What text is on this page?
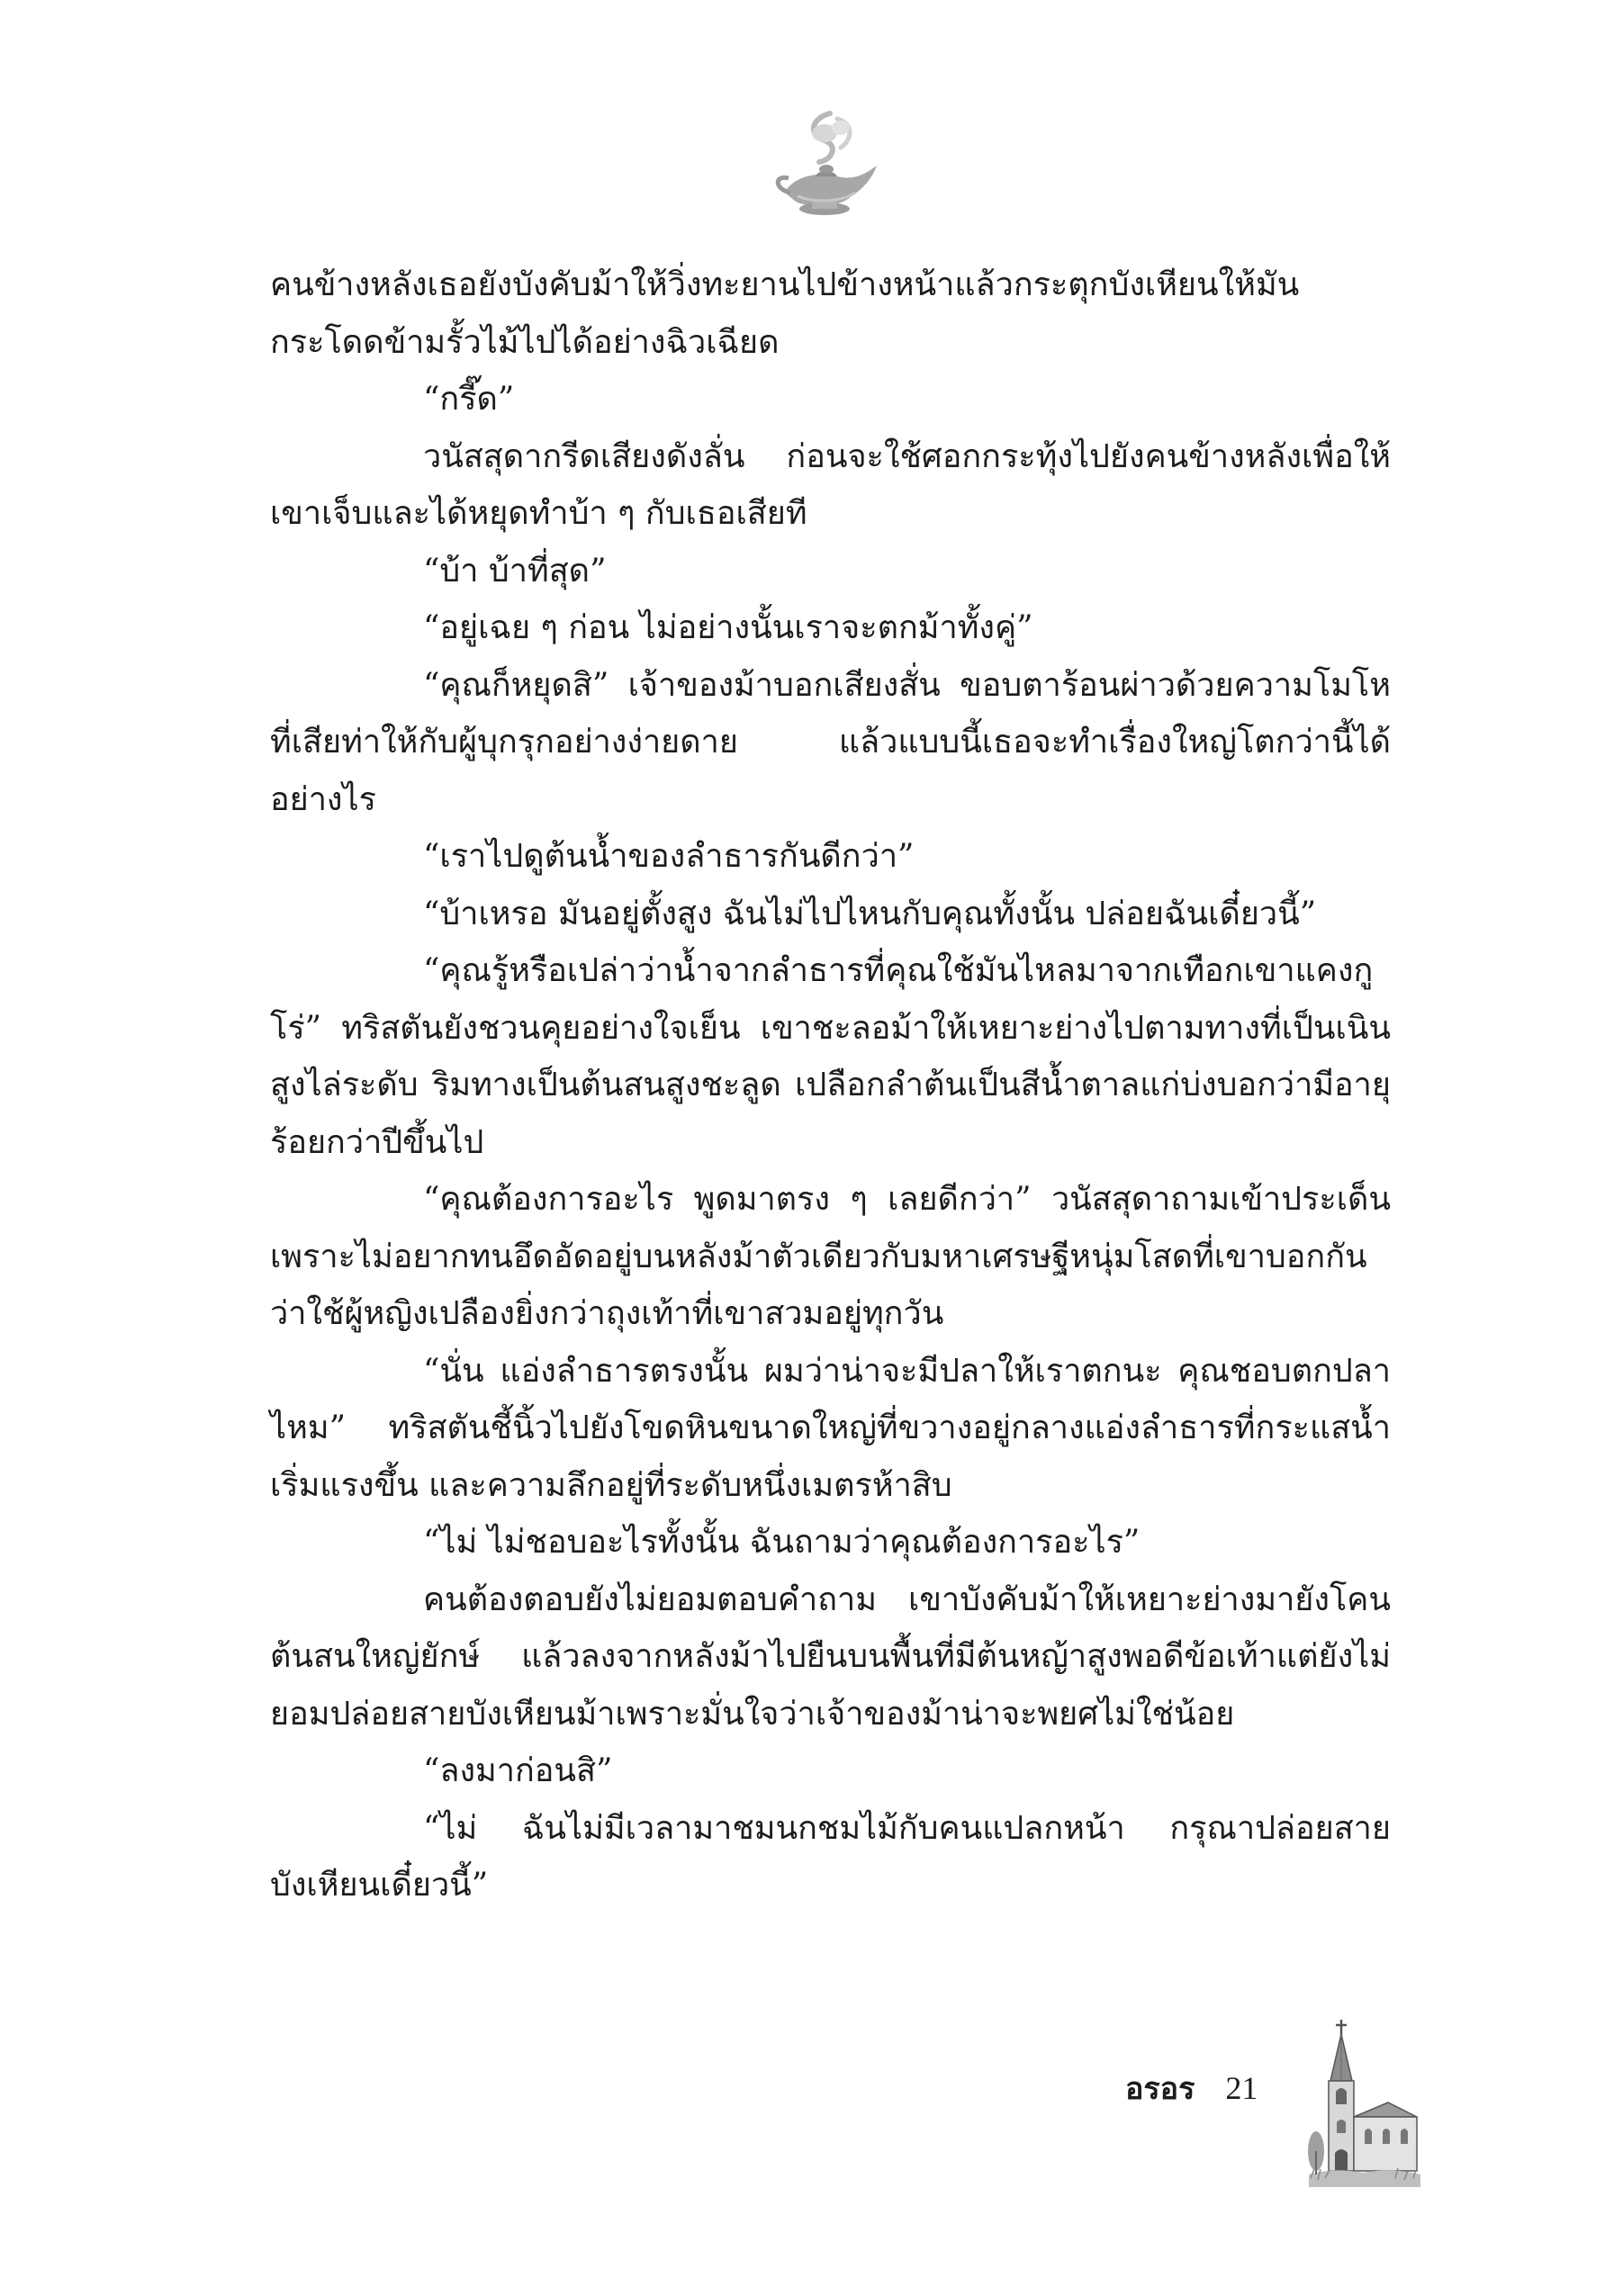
คนข้างหลังเธอยังบังคับม้าให้วิ่งทะยานไปข้างหน้าแล้วกระตุกบังเหียนให้มันกระโดดข้ามรั้วไม้ไปได้อย่างฉิวเฉียด

“กรี๊ด”

วนัสสุดากรีดเสียงดังลั่น ก่อนจะใช้ศอกกระทุ้งไปยังคนข้างหลังเพื่อให้เขาเจ็บและได้หยุดทำบ้า ๆ กับเธอเสียที

“บ้า บ้าที่สุด”

“อยู่เฉย ๆ ก่อน ไม่อย่างนั้นเราจะตกม้าทั้งคู่”

“คุณก็หยุดสิ” เจ้าของม้าบอกเสียงสั่น ขอบตาร้อนผ่าวด้วยความโมโหที่เสียท่าให้กับผู้บุกรุกอย่างง่ายดาย แล้วแบบนี้เธอจะทำเรื่องใหญ่โตกว่านี้ได้อย่างไร

“เราไปดูต้นน้ำของลำธารกันดีกว่า”

“บ้าเหรอ มันอยู่ตั้งสูง ฉันไม่ไปไหนกับคุณทั้งนั้น ปล่อยฉันเดี๋ยวนี้”

“คุณรู้หรือเปล่าว่าน้ำจากลำธารที่คุณใช้มันไหลมาจากเทือกเขาแคงกูโร่” ทริสตันยังชวนคุยอย่างใจเย็น เขาชะลอม้าให้เหยาะย่างไปตามทางที่เป็นเนินสูงไล่ระดับ ริมทางเป็นต้นสนสูงชะลูด เปลือกลำต้นเป็นสีน้ำตาลแก่บ่งบอกว่ามีอายุร้อยกว่าปีขึ้นไป

“คุณต้องการอะไร พูดมาตรง ๆ เลยดีกว่า” วนัสสุดาถามเข้าประเด็นเพราะไม่อยากทนอึดอัดอยู่บนหลังม้าตัวเดียวกับมหาเศรษฐีหนุ่มโสดที่เขาบอกกันว่าใช้ผู้หญิงเปลืองยิ่งกว่าถุงเท้าที่เขาสวมอยู่ทุกวัน

“นั่น แอ่งลำธารตรงนั้น ผมว่าน่าจะมีปลาให้เราตกนะ คุณชอบตกปลาไหม” ทริสตันชี้นิ้วไปยังโขดหินขนาดใหญ่ที่ขวางอยู่กลางแอ่งลำธารที่กระแสน้ำเริ่มแรงขึ้น และความลึกอยู่ที่ระดับหนึ่งเมตรห้าสิบ

“ไม่ ไม่ชอบอะไรทั้งนั้น ฉันถามว่าคุณต้องการอะไร”

คนต้องตอบยังไม่ยอมตอบคำถาม เขาบังคับม้าให้เหยาะย่างมายังโคนต้นสนใหญ่ยักษ์ แล้วลงจากหลังม้าไปยืนบนพื้นที่มีต้นหญ้าสูงพอดีข้อเท้าแต่ยังไม่ยอมปล่อยสายบังเหียนม้าเพราะมั่นใจว่าเจ้าของม้าน่าจะพยศไม่ใช่น้อย

“ลงมาก่อนสิ”

“ไม่ ฉันไม่มีเวลามาชมนกชมไม้กับคนแปลกหน้า กรุณาปล่อยสายบังเหียนเดี๋ยวนี้”

อรอร 21
